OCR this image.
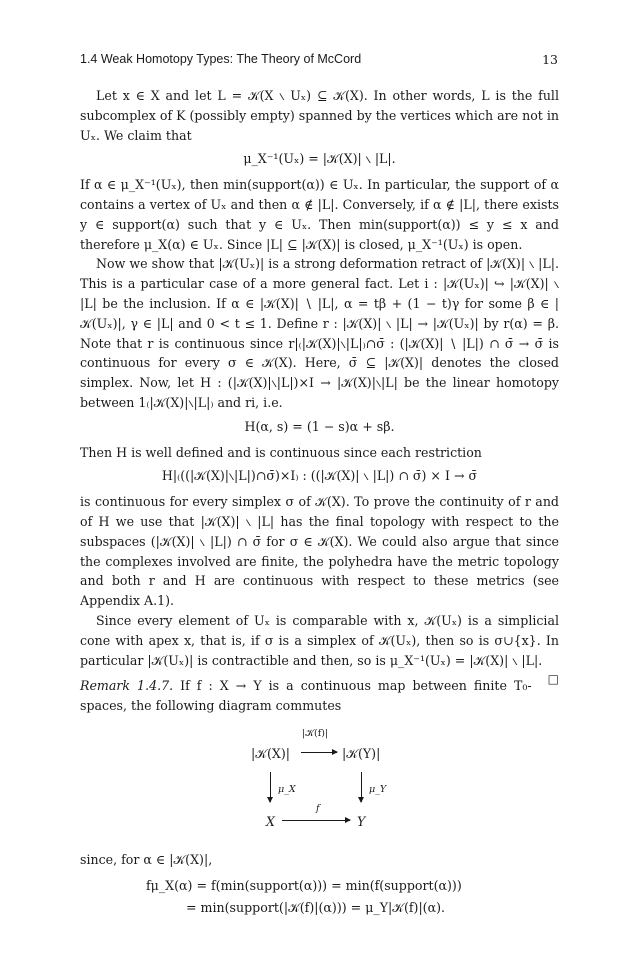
1.4 Weak Homotopy Types: The Theory of McCord	13

Let x ∈ X and let L = 𝒦(X ∖ Uₓ) ⊆ 𝒦(X). In other words, L is the full subcomplex of K (possibly empty) spanned by the vertices which are not in Uₓ. We claim that

μ_X⁻¹(Uₓ) = |𝒦(X)| ∖ |L|.

If α ∈ μ_X⁻¹(Uₓ), then min(support(α)) ∈ Uₓ. In particular, the support of α contains a vertex of Uₓ and then α ∉ |L|. Conversely, if α ∉ |L|, there exists y ∈ support(α) such that y ∈ Uₓ. Then min(support(α)) ≤ y ≤ x and therefore μ_X(α) ∈ Uₓ. Since |L| ⊆ |𝒦(X)| is closed, μ_X⁻¹(Uₓ) is open.

Now we show that |𝒦(Uₓ)| is a strong deformation retract of |𝒦(X)| ∖ |L|. This is a particular case of a more general fact. Let i : |𝒦(Uₓ)| ↪ |𝒦(X)| ∖ |L| be the inclusion. If α ∈ |𝒦(X)| ∖ |L|, α = tβ + (1 − t)γ for some β ∈ |𝒦(Uₓ)|, γ ∈ |L| and 0 < t ≤ 1. Define r : |𝒦(X)| ∖ |L| → |𝒦(Uₓ)| by r(α) = β. Note that r is continuous since r|₍|𝒦(X)|∖|L|₎∩σ̄ : (|𝒦(X)| ∖ |L|) ∩ σ̄ → σ̄ is continuous for every σ ∈ 𝒦(X). Here, σ̄ ⊆ |𝒦(X)| denotes the closed simplex. Now, let H : (|𝒦(X)|∖|L|)×I → |𝒦(X)|∖|L| be the linear homotopy between 1₍|𝒦(X)|∖|L|₎ and ri, i.e.

H(α, s) = (1 − s)α + sβ.

Then H is well defined and is continuous since each restriction

H|₍((|𝒦(X)|∖|L|)∩σ̄)×I₎ : ((|𝒦(X)| ∖ |L|) ∩ σ̄) × I → σ̄

is continuous for every simplex σ of 𝒦(X). To prove the continuity of r and of H we use that |𝒦(X)| ∖ |L| has the final topology with respect to the subspaces (|𝒦(X)| ∖ |L|) ∩ σ̄ for σ ∈ 𝒦(X). We could also argue that since the complexes involved are finite, the polyhedra have the metric topology and both r and H are continuous with respect to these metrics (see Appendix A.1).

Since every element of Uₓ is comparable with x, 𝒦(Uₓ) is a simplicial cone with apex x, that is, if σ is a simplex of 𝒦(Uₓ), then so is σ∪{x}. In particular |𝒦(Uₓ)| is contractible and then, so is μ_X⁻¹(Uₓ) = |𝒦(X)| ∖ |L|.
□

Remark 1.4.7. If f : X → Y is a continuous map between finite T₀-spaces, the following diagram commutes

|𝒦(X)|	|𝒦(Y)|
|𝒦(f)|
μ_X	μ_Y
X	Y
f

since, for α ∈ |𝒦(X)|,

fμ_X(α) = f(min(support(α))) = min(f(support(α)))
= min(support(|𝒦(f)|(α))) = μ_Y|𝒦(f)|(α).
